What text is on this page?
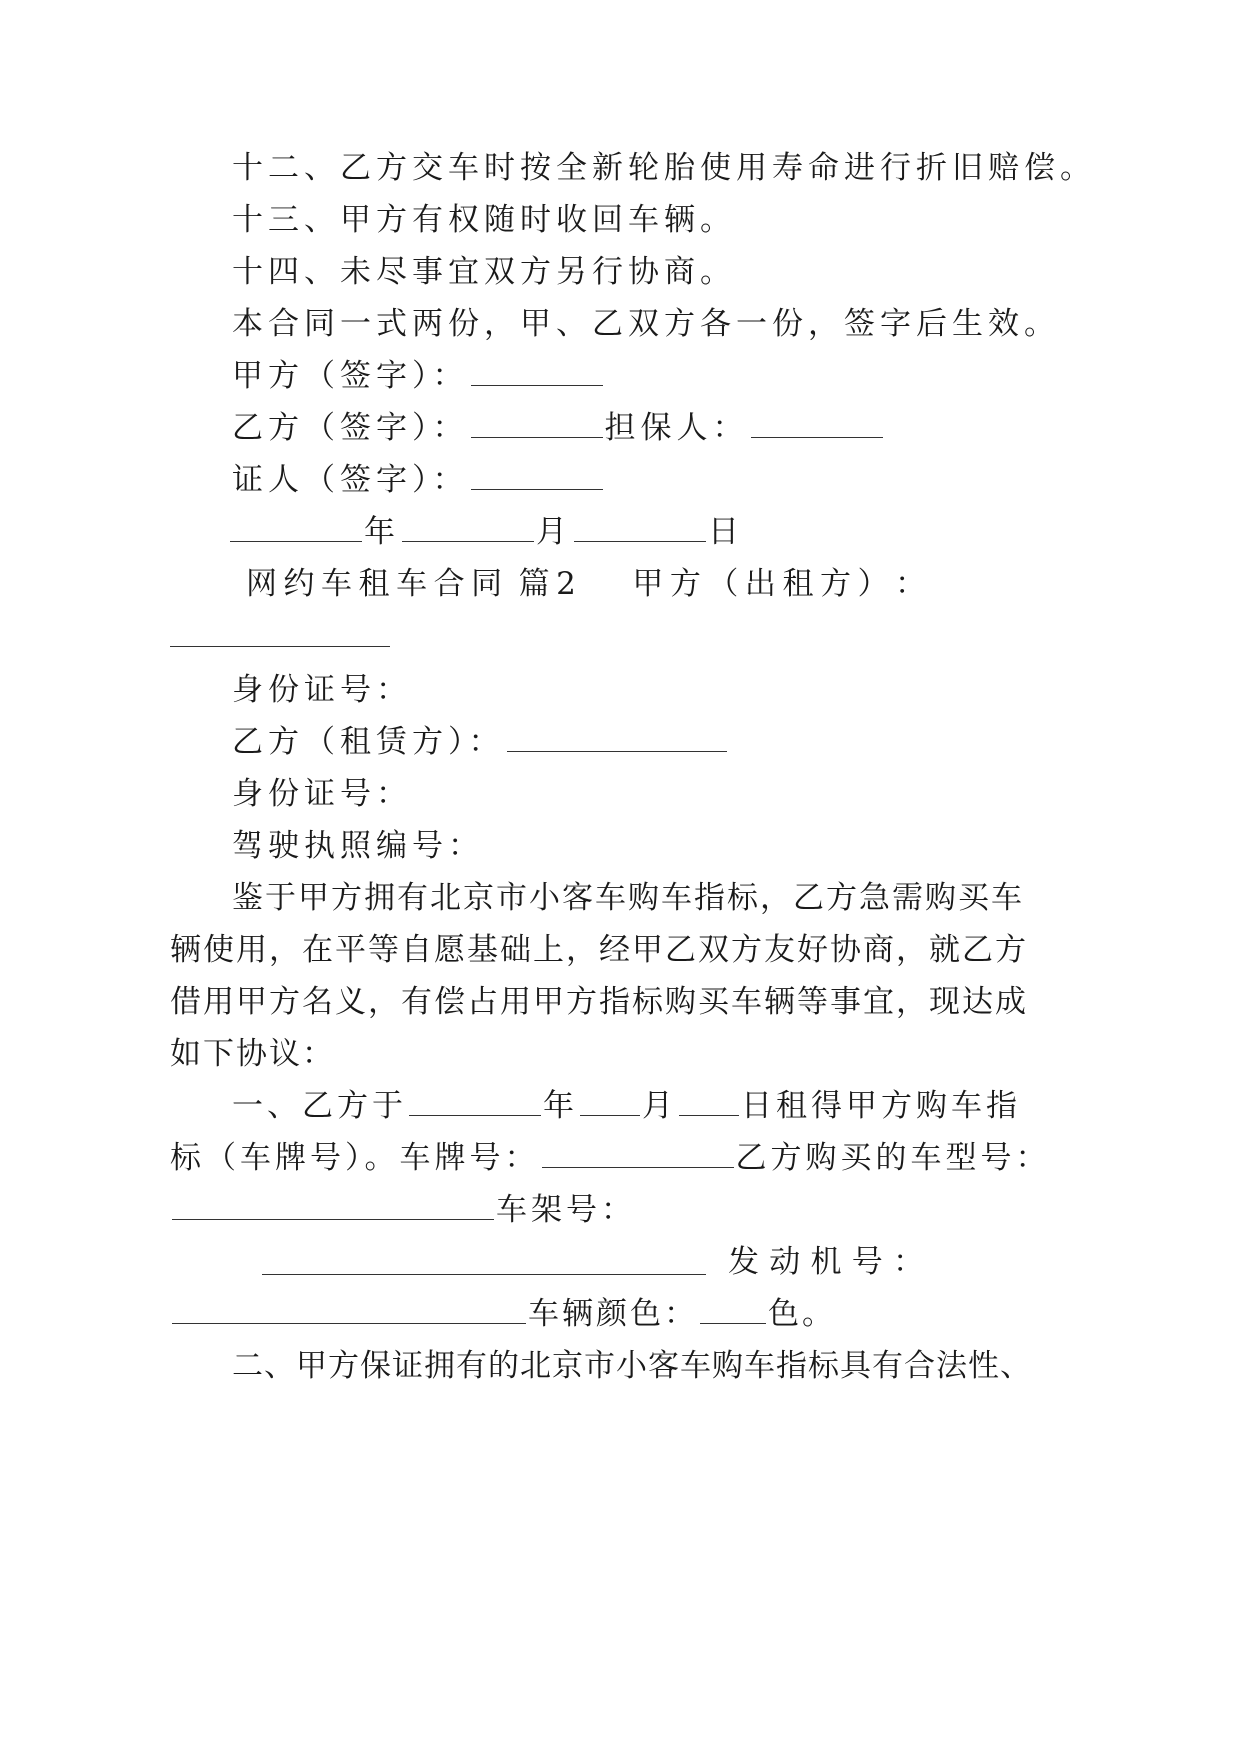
十二、乙方交车时按全新轮胎使用寿命进行折旧赔偿。
十三、甲方有权随时收回车辆。
十四、未尽事宜双方另行协商。
本合同一式两份，甲、乙双方各一份，签字后生效。
甲方（签字）：
乙方（签字）：	担保人：
证人（签字）：
年	月	日
网 约 车 租 车 合 同 篇 2 甲 方 （ 出 租 方 ） ：
身份证号：
乙方（租赁方）：
身份证号：
驾驶执照编号：
鉴于甲方拥有北京市小客车购车指标，乙方急需购买车
辆使用，在平等自愿基础上，经甲乙双方友好协商，就乙方
借用甲方名义，有偿占用甲方指标购买车辆等事宜，现达成
如下协议：
一、乙方于	年 月 日租得甲方购车指
标（车牌号）。车牌号：	乙方购买的车型号：
车架号：
发 动 机 号 ：
车辆颜色： 色。
二、甲方保证拥有的北京市小客车购车指标具有合法性、
